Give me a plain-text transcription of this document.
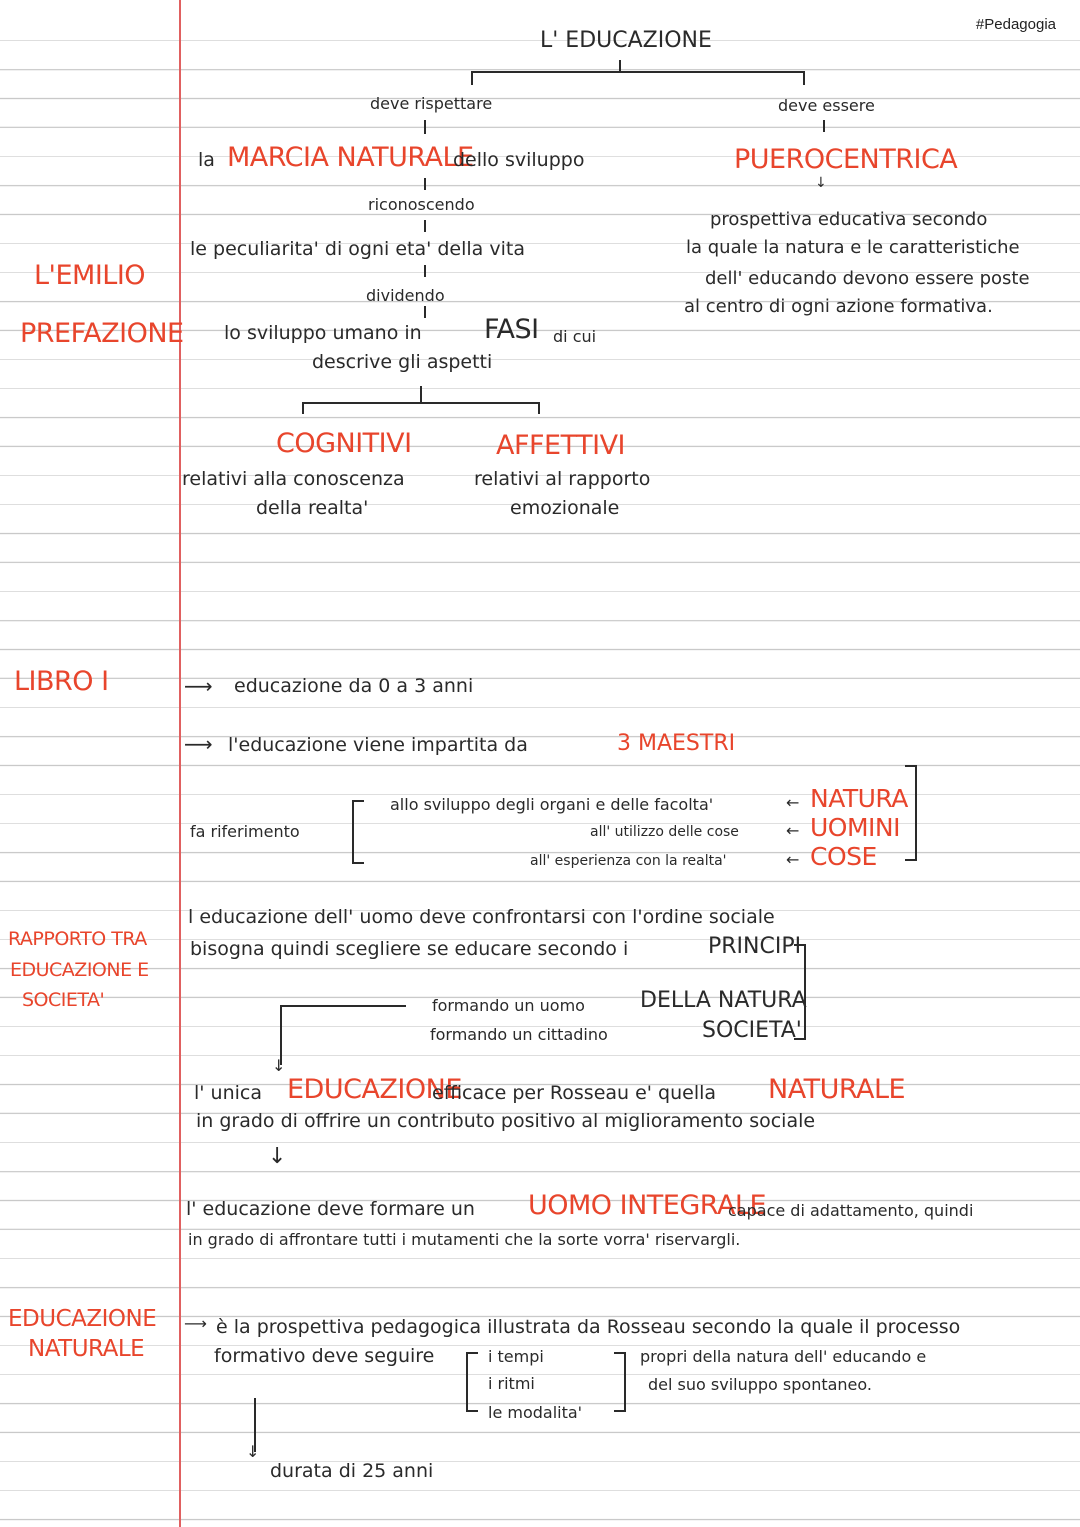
#Pedagogia
L'EMILIO
PREFAZIONE
LIBRO I
RAPPORTO TRA
EDUCAZIONE E
SOCIETA'
EDUCAZIONE
NATURALE
L' EDUCAZIONE
deve rispettare	deve essere
la MARCIA NATURALE
dello sviluppo	PUEROCENTRICA
↓
riconoscendo
le peculiarita' di ogni eta' della vita
dividendo
lo sviluppo umano in FASI di cui
descrive gli aspetti
COGNITIVI	AFFETTIVI
relativi alla conoscenza
della realta'
relativi al rapporto
emozionale
prospettiva educativa secondo
la quale la natura e le caratteristiche
dell' educando devono essere poste
al centro di ogni azione formativa.
⟶ educazione da 0 a 3 anni
⟶ l'educazione viene impartita da	3 MAESTRI
fa riferimento
allo sviluppo degli organi e delle facolta'
all' utilizzo delle cose
all' esperienza con la realta'
←
←
←
NATURA
UOMINI
COSE
l educazione dell' uomo deve confrontarsi con l'ordine sociale
bisogna quindi scegliere se educare secondo i	PRINCIPI
↓
formando un uomo
formando un cittadino
DELLA NATURA
SOCIETA'
l' unica EDUCAZIONE
efficace per Rosseau e' quella NATURALE
in grado di offrire un contributo positivo al miglioramento sociale
↓
l' educazione deve formare un UOMO INTEGRALE
capace di adattamento, quindi
in grado di affrontare tutti i mutamenti che la sorte vorra' riservargli.
⟶ è la prospettiva pedagogica illustrata da Rosseau secondo la quale il processo
formativo deve seguire	i tempi
i ritmi
le modalita'
propri della natura dell' educando e
del suo sviluppo spontaneo.
↓
durata di 25 anni
